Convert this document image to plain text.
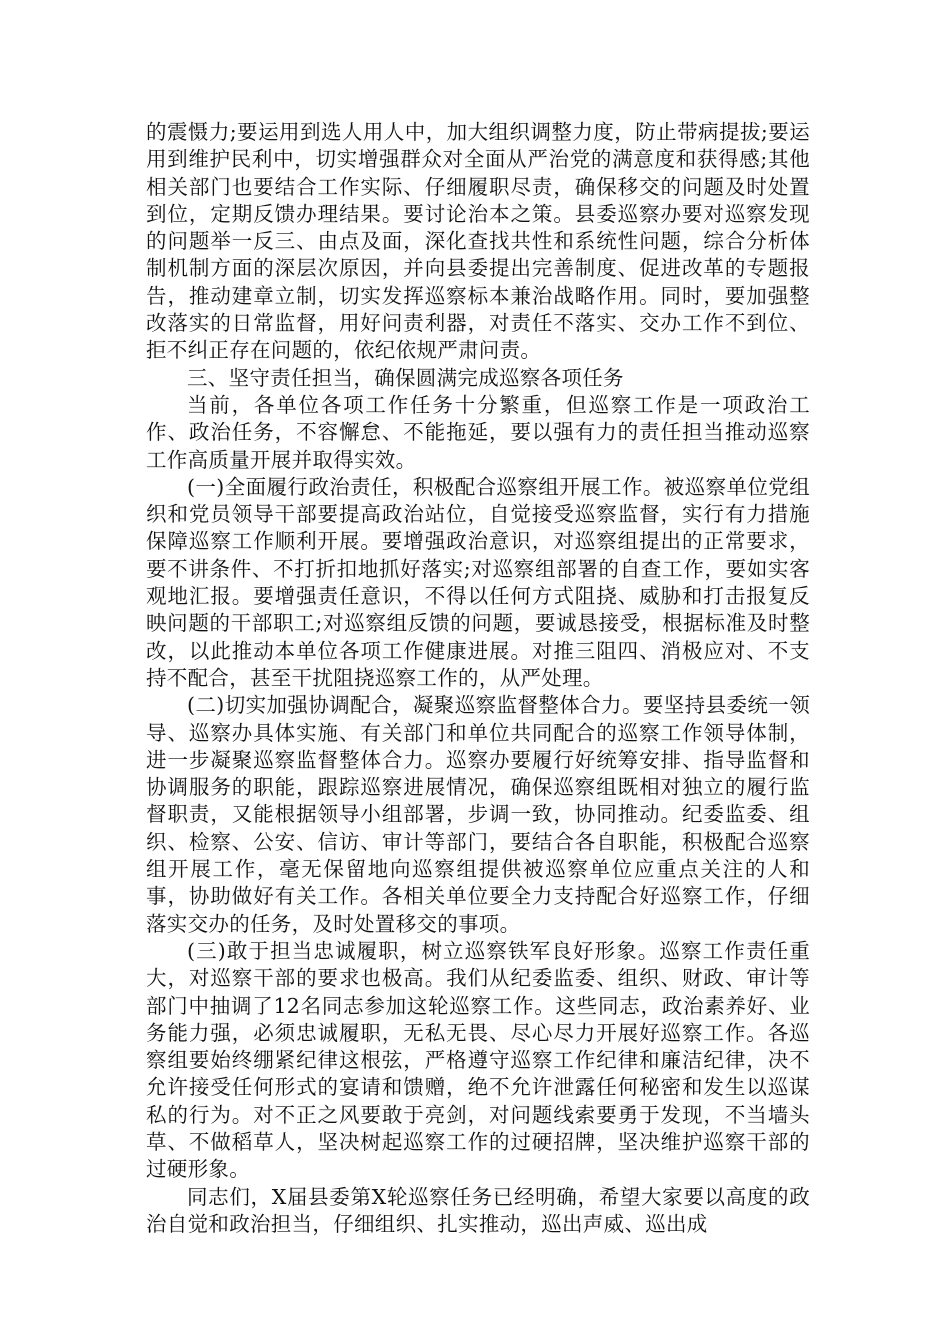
的震慑力;要运用到选人用人中，加大组织调整力度，防止带病提拔;要运用到维护民利中，切实增强群众对全面从严治党的满意度和获得感;其他相关部门也要结合工作实际、仔细履职尽责，确保移交的问题及时处置到位，定期反馈办理结果。要讨论治本之策。县委巡察办要对巡察发现的问题举一反三、由点及面，深化查找共性和系统性问题，综合分析体制机制方面的深层次原因，并向县委提出完善制度、促进改革的专题报告，推动建章立制，切实发挥巡察标本兼治战略作用。同时，要加强整改落实的日常监督，用好问责利器，对责任不落实、交办工作不到位、拒不纠正存在问题的，依纪依规严肃问责。

三、坚守责任担当，确保圆满完成巡察各项任务

当前，各单位各项工作任务十分繁重，但巡察工作是一项政治工作、政治任务，不容懈怠、不能拖延，要以强有力的责任担当推动巡察工作高质量开展并取得实效。

(一)全面履行政治责任，积极配合巡察组开展工作。被巡察单位党组织和党员领导干部要提高政治站位，自觉接受巡察监督，实行有力措施保障巡察工作顺利开展。要增强政治意识，对巡察组提出的正常要求，要不讲条件、不打折扣地抓好落实;对巡察组部署的自查工作，要如实客观地汇报。要增强责任意识，不得以任何方式阻挠、威胁和打击报复反映问题的干部职工;对巡察组反馈的问题，要诚恳接受，根据标准及时整改，以此推动本单位各项工作健康进展。对推三阻四、消极应对、不支持不配合，甚至干扰阻挠巡察工作的，从严处理。

(二)切实加强协调配合，凝聚巡察监督整体合力。要坚持县委统一领导、巡察办具体实施、有关部门和单位共同配合的巡察工作领导体制，进一步凝聚巡察监督整体合力。巡察办要履行好统筹安排、指导监督和协调服务的职能，跟踪巡察进展情况，确保巡察组既相对独立的履行监督职责，又能根据领导小组部署，步调一致，协同推动。纪委监委、组织、检察、公安、信访、审计等部门，要结合各自职能，积极配合巡察组开展工作，毫无保留地向巡察组提供被巡察单位应重点关注的人和事，协助做好有关工作。各相关单位要全力支持配合好巡察工作，仔细落实交办的任务，及时处置移交的事项。

(三)敢于担当忠诚履职，树立巡察铁军良好形象。巡察工作责任重大，对巡察干部的要求也极高。我们从纪委监委、组织、财政、审计等部门中抽调了12名同志参加这轮巡察工作。这些同志，政治素养好、业务能力强，必须忠诚履职，无私无畏、尽心尽力开展好巡察工作。各巡察组要始终绷紧纪律这根弦，严格遵守巡察工作纪律和廉洁纪律，决不允许接受任何形式的宴请和馈赠，绝不允许泄露任何秘密和发生以巡谋私的行为。对不正之风要敢于亮剑，对问题线索要勇于发现，不当墙头草、不做稻草人，坚决树起巡察工作的过硬招牌，坚决维护巡察干部的过硬形象。

同志们，X届县委第X轮巡察任务已经明确，希望大家要以高度的政治自觉和政治担当，仔细组织、扎实推动，巡出声威、巡出成
